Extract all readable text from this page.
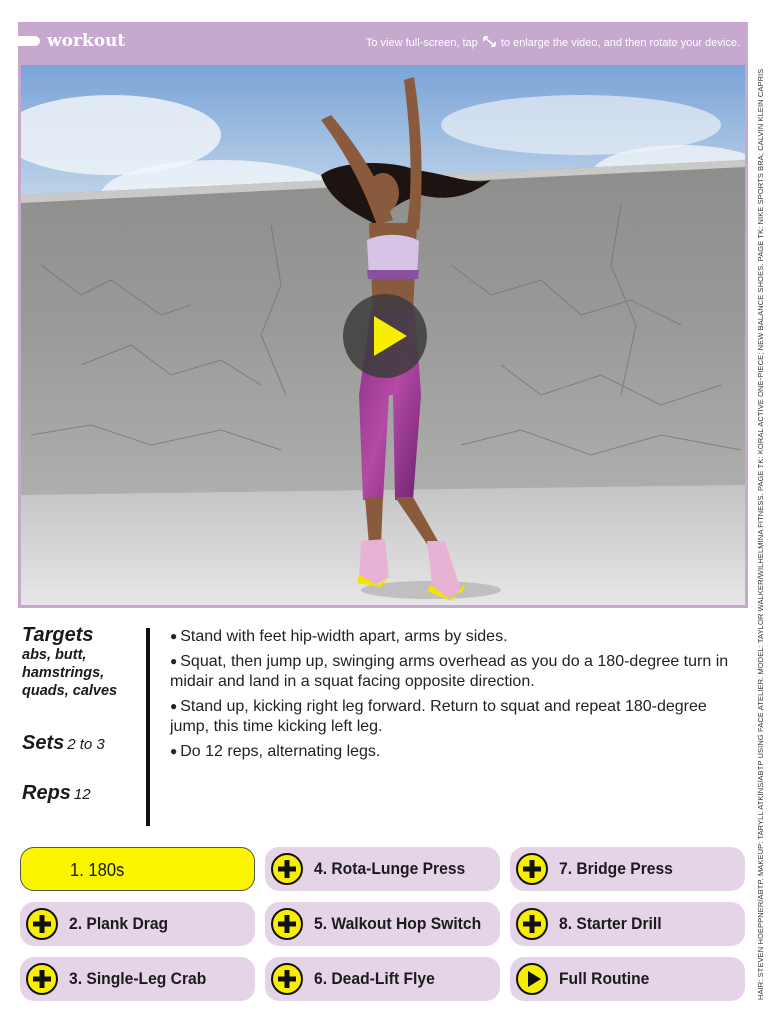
workout	To view full-screen, tap to enlarge the video, and then rotate your device.
HAIR: STEVEN HOEPPNER/ABTP. MAKEUP: TARYLL ATKINS/ABTP USING FACE ATELIER. MODEL: TAYLOR WALKER/WILHELMINA FITNESS. PAGE TK: KORAL ACTIVE ONE-PIECE; NEW BALANCE SHOES. PAGE TK: NIKE SPORTS BRA; CALVIN KLEIN CAPRIS
Targets
abs, butt, hamstrings, quads, calves
Sets 2 to 3
Reps 12
● Stand with feet hip-width apart, arms by sides.
● Squat, then jump up, swinging arms overhead as you do a 180-degree turn in midair and land in a squat facing opposite direction.
● Stand up, kicking right leg forward. Return to squat and repeat 180-degree jump, this time kicking left leg.
● Do 12 reps, alternating legs.
1. 180s
2. Plank Drag
3. Single-Leg Crab
4. Rota-Lunge Press
5. Walkout Hop Switch
6. Dead-Lift Flye
7. Bridge Press
8. Starter Drill
Full Routine
